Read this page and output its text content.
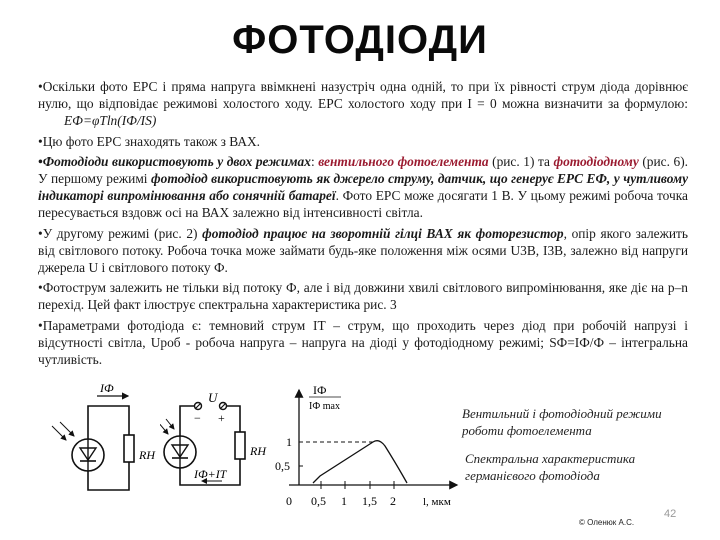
ФОТОДІОДИ

•Оскільки фото ЕРС і пряма напруга ввімкнені назустріч одна одній, то при їх рівності струм діода дорівнює нулю, що відповідає режимові холостого ходу. ЕРС холостого ходу при I = 0 можна визначити за формулою: EФ=φTln(IФ/IS)

•Цю фото ЕРС знаходять також з ВАХ.

•Фотодіоди використовують у двох режимах: вентильного фотоелемента (рис. 1) та фотодіодному (рис. 6). У першому режимі фотодіод використовують як джерело струму, датчик, що генерує ЕРС EФ, у чутливому індикаторі випромінювання або сонячній батареї. Фото ЕРС може досягати 1 В. У цьому режимі робоча точка пересувається вздовж осі на ВАХ залежно від інтенсивності світла.

•У другому режимі (рис. 2) фотодіод працює на зворотній гілці ВАХ як фоторезистор, опір якого залежить від світлового потоку. Робоча точка може займати будь-яке положення між осями U3В, I3В, залежно від напруги джерела U і світлового потоку Ф.

•Фотострум залежить не тільки від потоку Ф, але і від довжини хвилі світлового випромінювання, яке діє на p–n перехід. Цей факт ілюструє спектральна характеристика рис. 3

•Параметрами фотодіода є: темновий струм IT – струм, що проходить через діод при робочій напрузі і відсутності світла, Uроб - робоча напруга – напруга на діоді у фотодіодному режимі; SФ=IФ/Ф – інтегральна чутливість.

IФ
RН
U
− +
RН
IФ+IT
IФ
IФ max
1
0,5
0 0,5 1 1,5 2 l, мкм
Вентильний і фотодіодний режими роботи фотоелемента
Спектральна характеристика германієвого фотодіода
42
© Оленюк А.С.
